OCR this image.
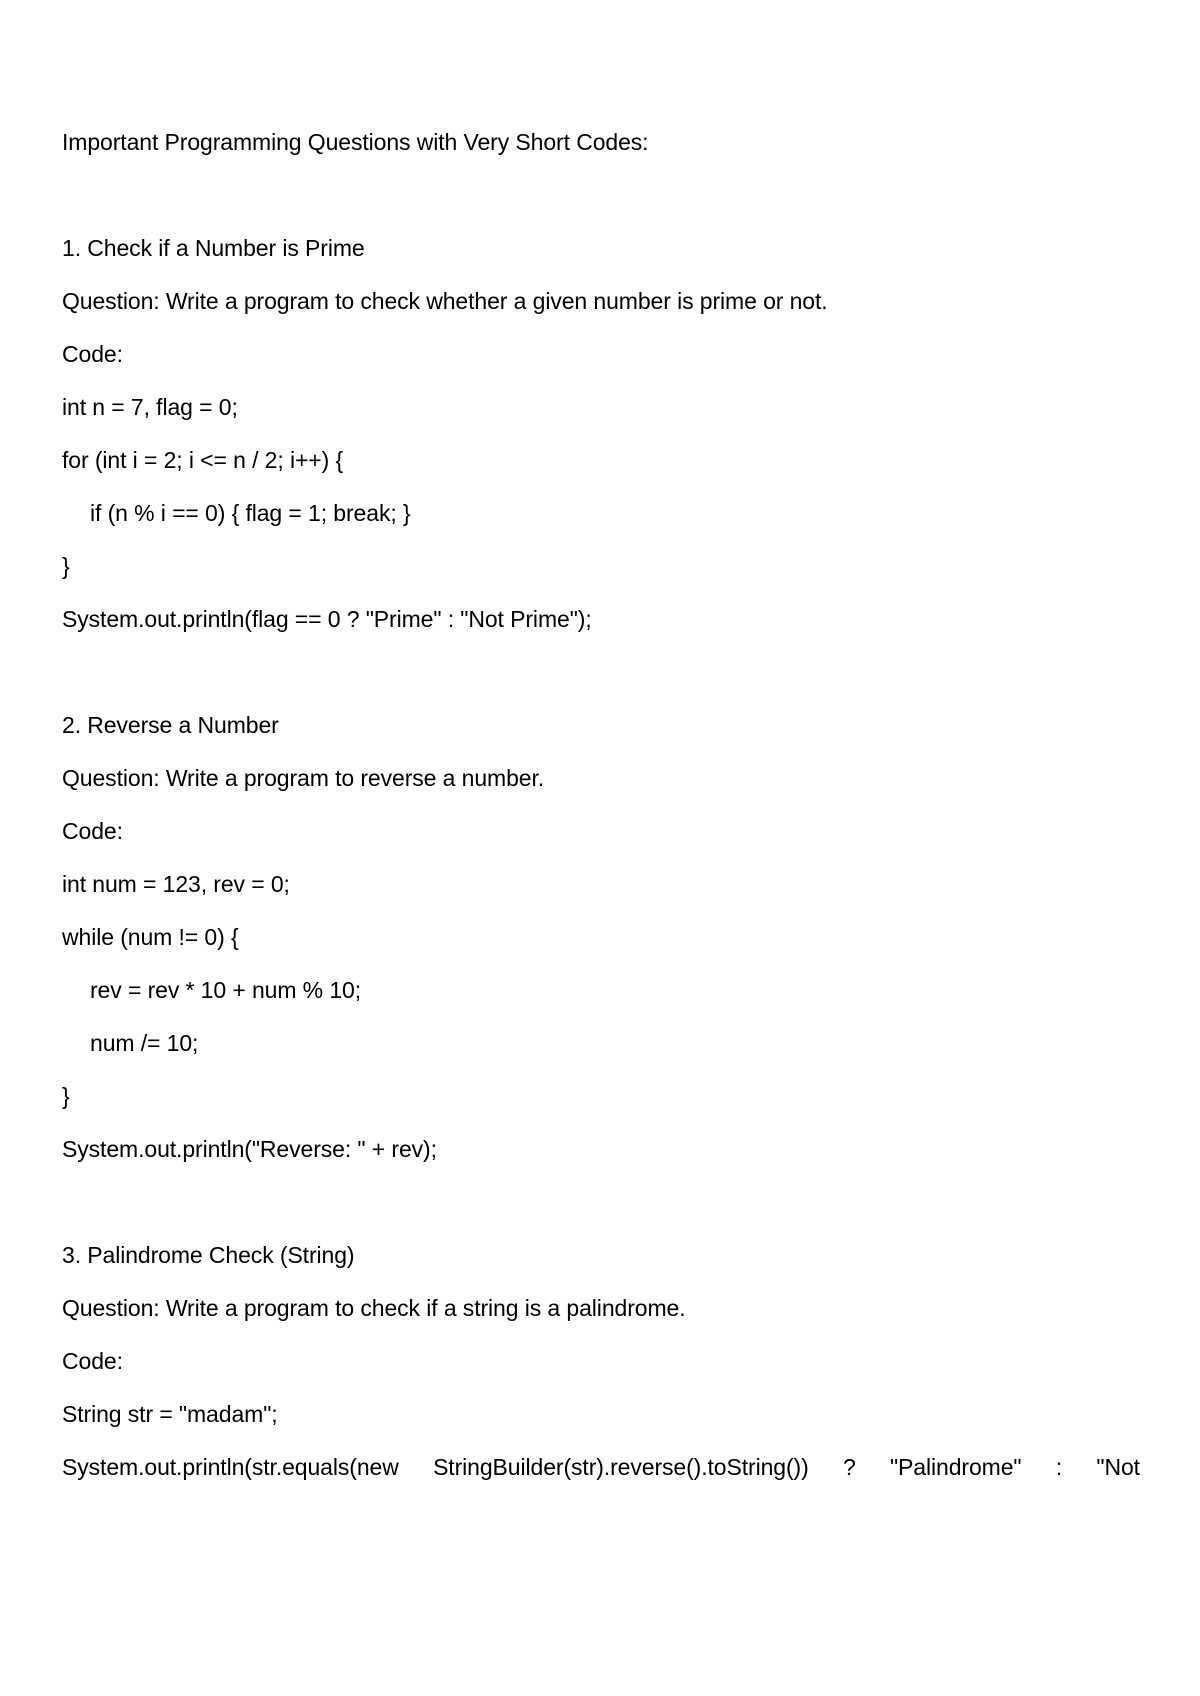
Important Programming Questions with Very Short Codes:
1. Check if a Number is Prime
Question: Write a program to check whether a given number is prime or not.
Code:
int n = 7, flag = 0;
for (int i = 2; i <= n / 2; i++) {
if (n % i == 0) { flag = 1; break; }
}
System.out.println(flag == 0 ? "Prime" : "Not Prime");
2. Reverse a Number
Question: Write a program to reverse a number.
Code:
int num = 123, rev = 0;
while (num != 0) {
rev = rev * 10 + num % 10;
num /= 10;
}
System.out.println("Reverse: " + rev);
3. Palindrome Check (String)
Question: Write a program to check if a string is a palindrome.
Code:
String str = "madam";
System.out.println(str.equals(new StringBuilder(str).reverse().toString()) ? "Palindrome" : "Not
